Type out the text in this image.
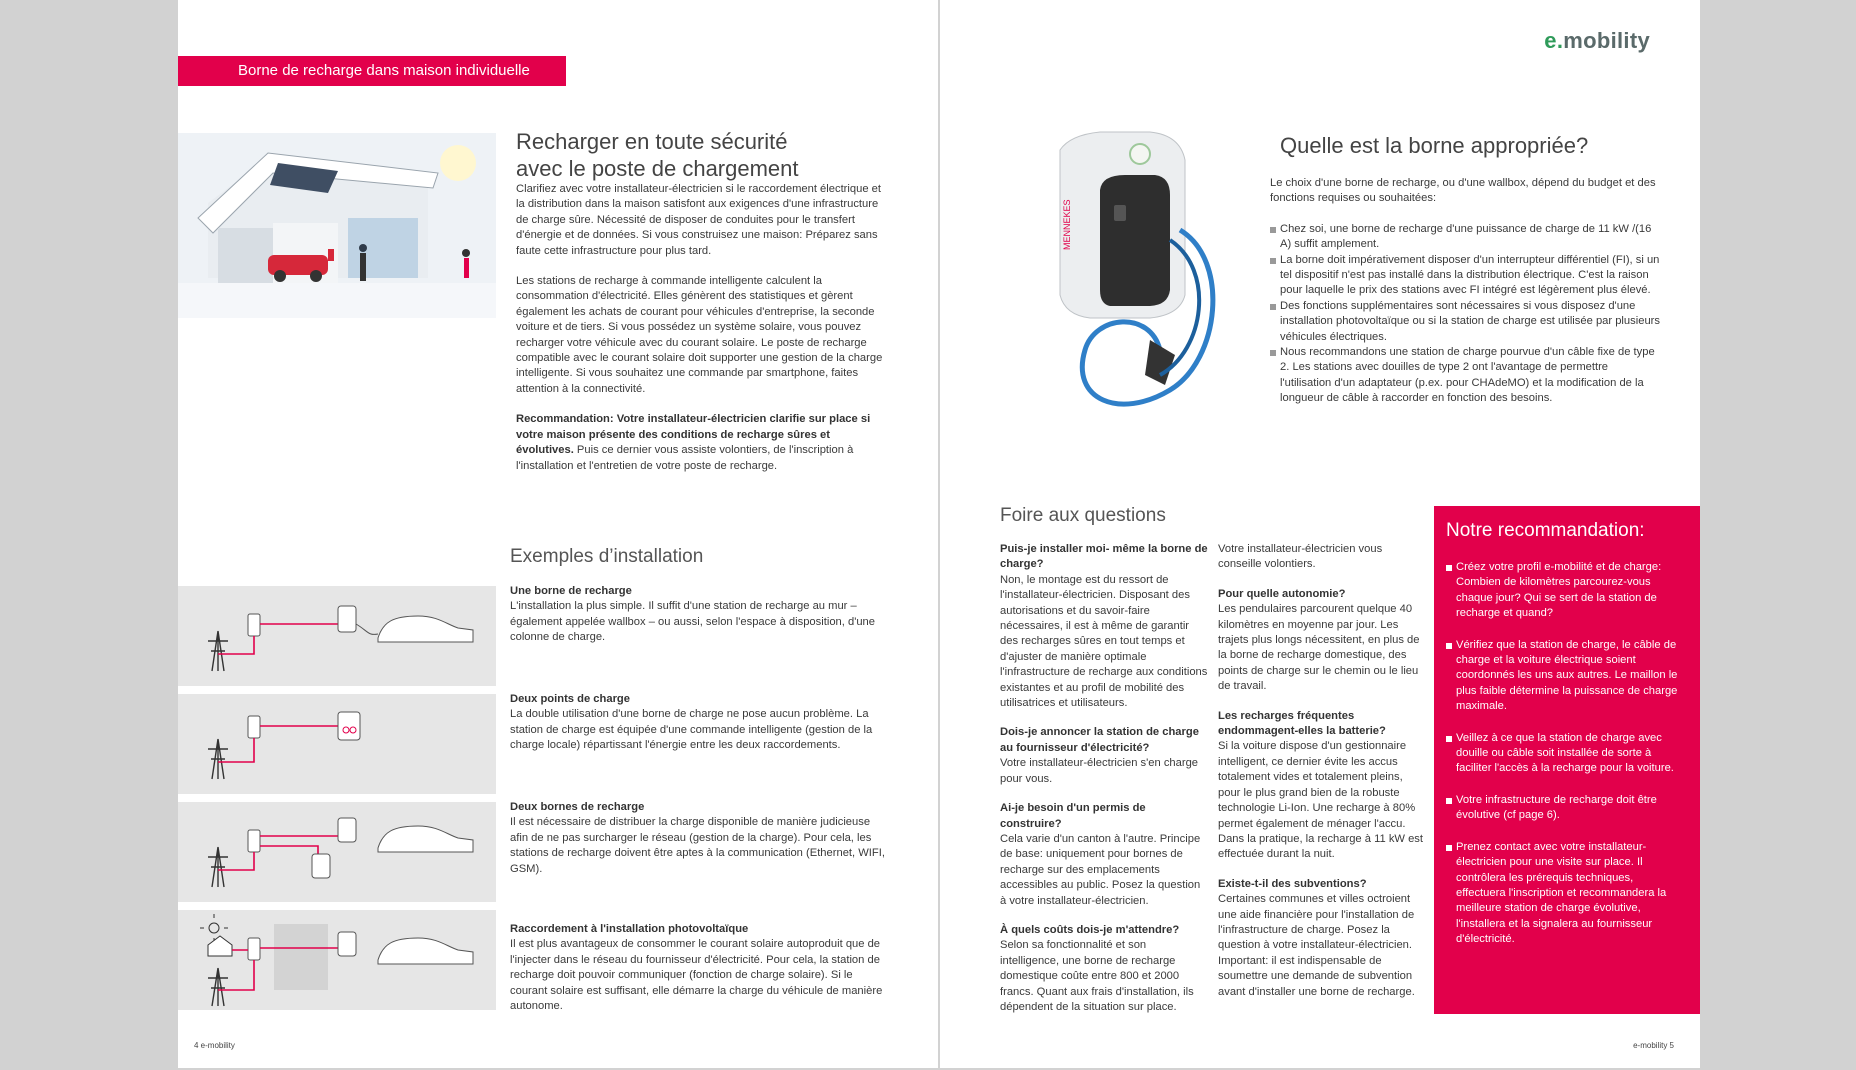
Borne de recharge dans maison individuelle
Recharger en toute sécurité
avec le poste de chargement

Clarifiez avec votre installateur-électricien si le raccordement électrique et la distribution dans la maison satisfont aux exigences d'une infrastructure de charge sûre. Nécessité de disposer de conduites pour le transfert d'énergie et de données. Si vous construisez une maison: Préparez sans faute cette infrastructure pour plus tard.

Les stations de recharge à commande intelligente calculent la consommation d'électricité. Elles génèrent des statistiques et gèrent également les achats de courant pour véhicules d'entreprise, la seconde voiture et de tiers. Si vous possédez un système solaire, vous pouvez recharger votre véhicule avec du courant solaire. Le poste de recharge compatible avec le courant solaire doit supporter une gestion de la charge intelligente. Si vous souhaitez une commande par smartphone, faites attention à la connectivité.

Recommandation: Votre installateur-électricien clarifie sur place si votre maison présente des conditions de recharge sûres et évolutives. Puis ce dernier vous assiste volontiers, de l'inscription à l'installation et l'entretien de votre poste de recharge.

Exemples d’installation
Une borne de recharge
L'installation la plus simple. Il suffit d'une station de recharge au mur – également appelée wallbox – ou aussi, selon l'espace à disposition, d'une colonne de charge.
Deux points de charge
La double utilisation d'une borne de charge ne pose aucun problème. La station de charge est équipée d'une commande intelligente (gestion de la charge locale) répartissant l'énergie entre les deux raccordements.
Deux bornes de recharge
Il est nécessaire de distribuer la charge disponible de manière judicieuse afin de ne pas surcharger le réseau (gestion de la charge). Pour cela, les stations de recharge doivent être aptes à la communication (Ethernet, WIFI, GSM).
Raccordement à l'installation photovoltaïque
Il est plus avantageux de consommer le courant solaire autoproduit que de l'injecter dans le réseau du fournisseur d'électricité. Pour cela, la station de recharge doit pouvoir communiquer (fonction de charge solaire). Si le courant solaire est suffisant, elle démarre la charge du véhicule de manière autonome.
4 e-mobility
e.mobility
MENNEKES
Quelle est la borne appropriée?

Le choix d'une borne de recharge, ou d'une wallbox, dépend du budget et des fonctions requises ou souhaitées:

Chez soi, une borne de recharge d'une puissance de charge de 11 kW /(16 A) suffit amplement.
La borne doit impérativement disposer d'un interrupteur différentiel (FI), si un tel dispositif n'est pas installé dans la distribution électrique. C'est la raison pour laquelle le prix des stations avec FI intégré est légèrement plus élevé.
Des fonctions supplémentaires sont nécessaires si vous disposez d'une installation photovoltaïque ou si la station de charge est utilisée par plusieurs véhicules électriques.
Nous recommandons une station de charge pourvue d'un câble fixe de type 2. Les stations avec douilles de type 2 ont l'avantage de permettre l'utilisation d'un adaptateur (p.ex. pour CHAdeMO) et la modification de la longueur de câble à raccorder en fonction des besoins.
Foire aux questions
Puis-je installer moi- même la borne de charge?
Non, le montage est du ressort de l'installateur-électricien. Disposant des autorisations et du savoir-faire nécessaires, il est à même de garantir des recharges sûres en tout temps et d'ajuster de manière optimale l'infrastructure de recharge aux conditions existantes et au profil de mobilité des utilisatrices et utilisateurs.
Dois-je annoncer la station de charge au fournisseur d'électricité?
Votre installateur-électricien s'en charge pour vous.
Ai-je besoin d'un permis de construire?
Cela varie d'un canton à l'autre. Principe de base: uniquement pour bornes de recharge sur des emplacements accessibles au public. Posez la question à votre installateur-électricien.
À quels coûts dois-je m'attendre?
Selon sa fonctionnalité et son intelligence, une borne de recharge domestique coûte entre 800 et 2000 francs. Quant aux frais d'installation, ils dépendent de la situation sur place.
Votre installateur-électricien vous conseille volontiers.
Pour quelle autonomie?
Les pendulaires parcourent quelque 40 kilomètres en moyenne par jour. Les trajets plus longs nécessitent, en plus de la borne de recharge domestique, des points de charge sur le chemin ou le lieu de travail.
Les recharges fréquentes endommagent-elles la batterie?
Si la voiture dispose d'un gestionnaire intelligent, ce dernier évite les accus totalement vides et totalement pleins, pour le plus grand bien de la robuste technologie Li-Ion. Une recharge à 80% permet également de ménager l'accu. Dans la pratique, la recharge à 11 kW est effectuée durant la nuit.
Existe-t-il des subventions?
Certaines communes et villes octroient une aide financière pour l'installation de l'infrastructure de charge. Posez la question à votre installateur-électricien. Important: il est indispensable de soumettre une demande de subvention avant d'installer une borne de recharge.
Notre recommandation:
Créez votre profil e-mobilité et de charge: Combien de kilomètres parcourez-vous chaque jour? Qui se sert de la station de recharge et quand?
Vérifiez que la station de charge, le câble de charge et la voiture électrique soient coordonnés les uns aux autres. Le maillon le plus faible détermine la puissance de charge maximale.
Veillez à ce que la station de charge avec douille ou câble soit installée de sorte à faciliter l'accès à la recharge pour la voiture.
Votre infrastructure de recharge doit être évolutive (cf page 6).
Prenez contact avec votre installateur-électricien pour une visite sur place. Il contrôlera les prérequis techniques, effectuera l'inscription et recommandera la meilleure station de charge évolutive, l'installera et la signalera au fournisseur d'électricité.
e-mobility 5
